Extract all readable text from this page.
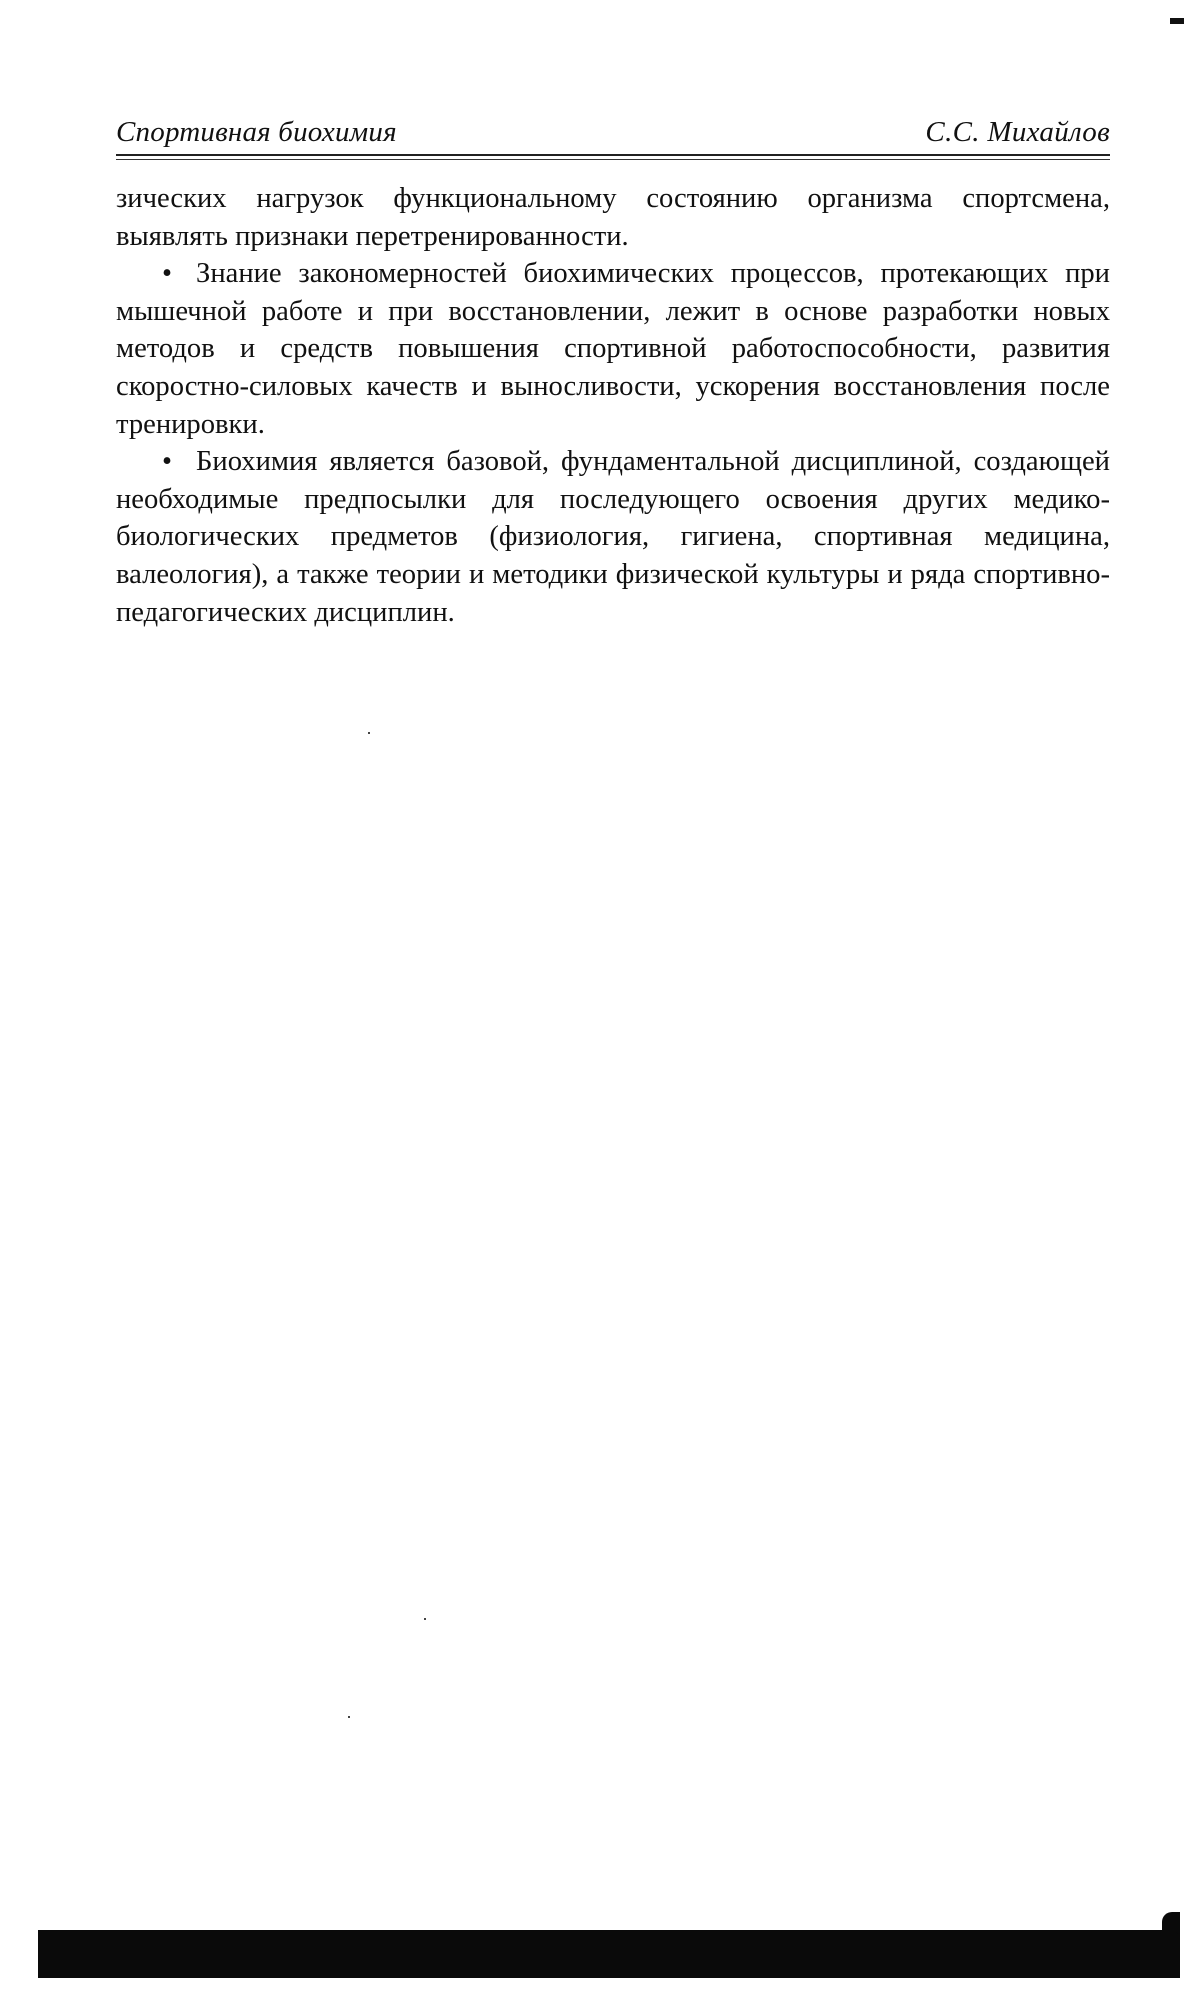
Спортивная биохимия	С.С. Михайлов

зических нагрузок функциональному состоянию организма спортсмена, выявлять признаки перетренированности.

• Знание закономерностей биохимических процессов, протекающих при мышечной работе и при восстановлении, лежит в основе разработки новых методов и средств повышения спортивной работоспособности, развития скоростно-силовых качеств и выносливости, ускорения восстановления после тренировки.

• Биохимия является базовой, фундаментальной дисциплиной, создающей необходимые предпосылки для последующего освоения других медико-биологических предметов (физиология, гигиена, спортивная медицина, валеология), а также теории и методики физической культуры и ряда спортивно-педагогических дисциплин.
